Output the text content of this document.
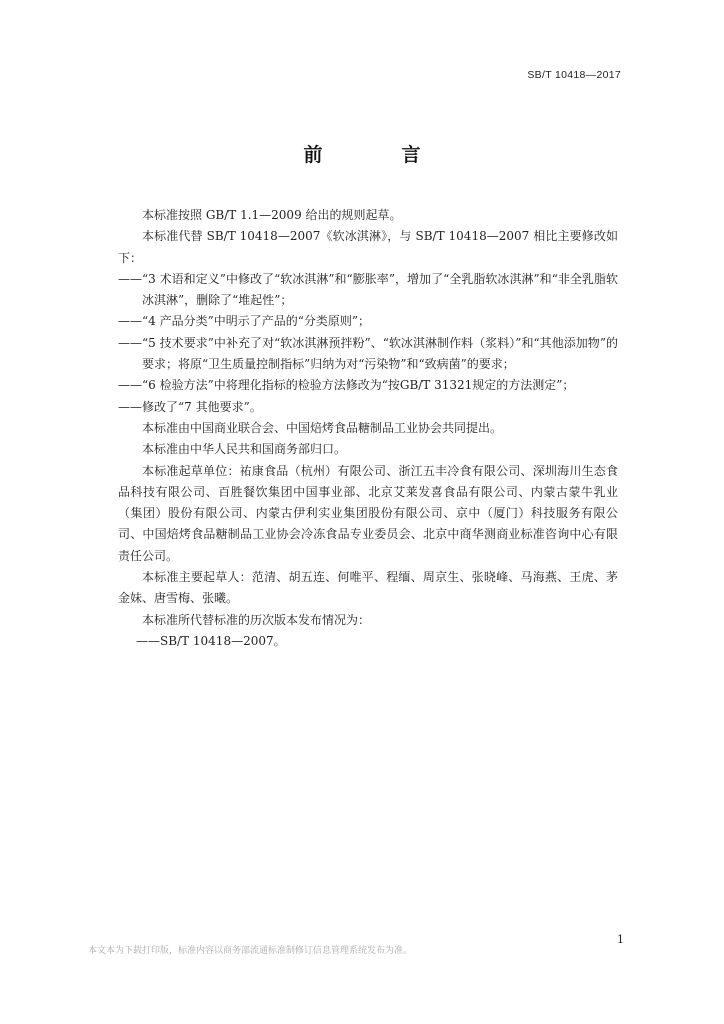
SB/T 10418—2017
前　言

本标准按照 GB/T 1.1—2009 给出的规则起草。

本标准代替 SB/T 10418—2007《软冰淇淋》，与 SB/T 10418—2007 相比主要修改如下：

——“3 术语和定义”中修改了“软冰淇淋”和“膨胀率”，增加了“全乳脂软冰淇淋”和“非全乳脂软冰淇淋”，删除了“堆起性”；

——“4 产品分类”中明示了产品的“分类原则”；

——“5 技术要求”中补充了对“软冰淇淋预拌粉”、“软冰淇淋制作料（浆料）”和“其他添加物”的要求；将原“卫生质量控制指标”归纳为对“污染物”和“致病菌”的要求；

——“6 检验方法”中将理化指标的检验方法修改为“按GB/T 31321规定的方法测定”；

——修改了“7 其他要求”。

本标准由中国商业联合会、中国焙烤食品糖制品工业协会共同提出。

本标准由中华人民共和国商务部归口。

本标准起草单位：祐康食品（杭州）有限公司、浙江五丰冷食有限公司、深圳海川生态食品科技有限公司、百胜餐饮集团中国事业部、北京艾莱发喜食品有限公司、内蒙古蒙牛乳业（集团）股份有限公司、内蒙古伊利实业集团股份有限公司、京中（厦门）科技服务有限公司、中国焙烤食品糖制品工业协会冷冻食品专业委员会、北京中商华测商业标准咨询中心有限责任公司。

本标准主要起草人：范清、胡五连、何唯平、程缅、周京生、张晓峰、马海燕、王虎、茅金妹、唐雪梅、张曦。

本标准所代替标准的历次版本发布情况为：

——SB/T 10418—2007。

1
本文本为下载打印版，标准内容以商务部流通标准制修订信息管理系统发布为准。
